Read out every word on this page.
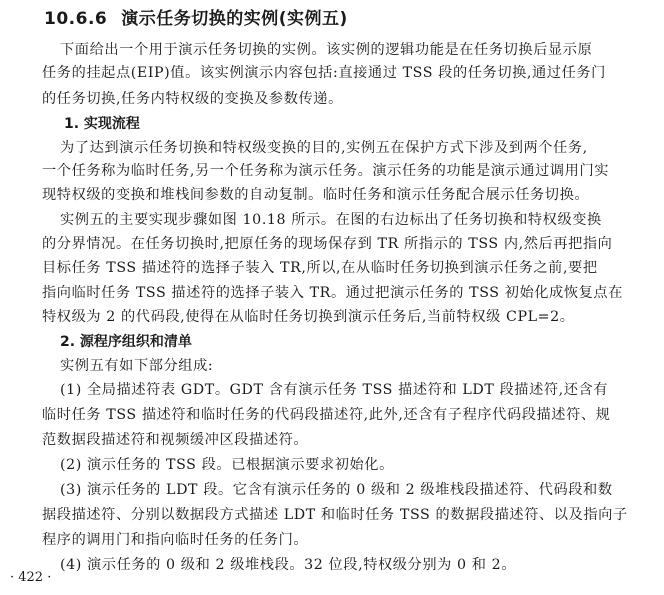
10.6.6 演示任务切换的实例(实例五)
下面给出一个用于演示任务切换的实例。该实例的逻辑功能是在任务切换后显示原
任务的挂起点(EIP)值。该实例演示内容包括:直接通过 TSS 段的任务切换,通过任务门
的任务切换,任务内特权级的变换及参数传递。
1. 实现流程
为了达到演示任务切换和特权级变换的目的,实例五在保护方式下涉及到两个任务,
一个任务称为临时任务,另一个任务称为演示任务。演示任务的功能是演示通过调用门实
现特权级的变换和堆栈间参数的自动复制。临时任务和演示任务配合展示任务切换。
实例五的主要实现步骤如图 10.18 所示。在图的右边标出了任务切换和特权级变换
的分界情况。在任务切换时,把原任务的现场保存到 TR 所指示的 TSS 内,然后再把指向
目标任务 TSS 描述符的选择子装入 TR,所以,在从临时任务切换到演示任务之前,要把
指向临时任务 TSS 描述符的选择子装入 TR。通过把演示任务的 TSS 初始化成恢复点在
特权级为 2 的代码段,使得在从临时任务切换到演示任务后,当前特权级 CPL=2。
2. 源程序组织和清单
实例五有如下部分组成:
(1) 全局描述符表 GDT。GDT 含有演示任务 TSS 描述符和 LDT 段描述符,还含有
临时任务 TSS 描述符和临时任务的代码段描述符,此外,还含有子程序代码段描述符、规
范数据段描述符和视频缓冲区段描述符。
(2) 演示任务的 TSS 段。已根据演示要求初始化。
(3) 演示任务的 LDT 段。它含有演示任务的 0 级和 2 级堆栈段描述符、代码段和数
据段描述符、分别以数据段方式描述 LDT 和临时任务 TSS 的数据段描述符、以及指向子
程序的调用门和指向临时任务的任务门。
(4) 演示任务的 0 级和 2 级堆栈段。32 位段,特权级分别为 0 和 2。
· 422 ·
